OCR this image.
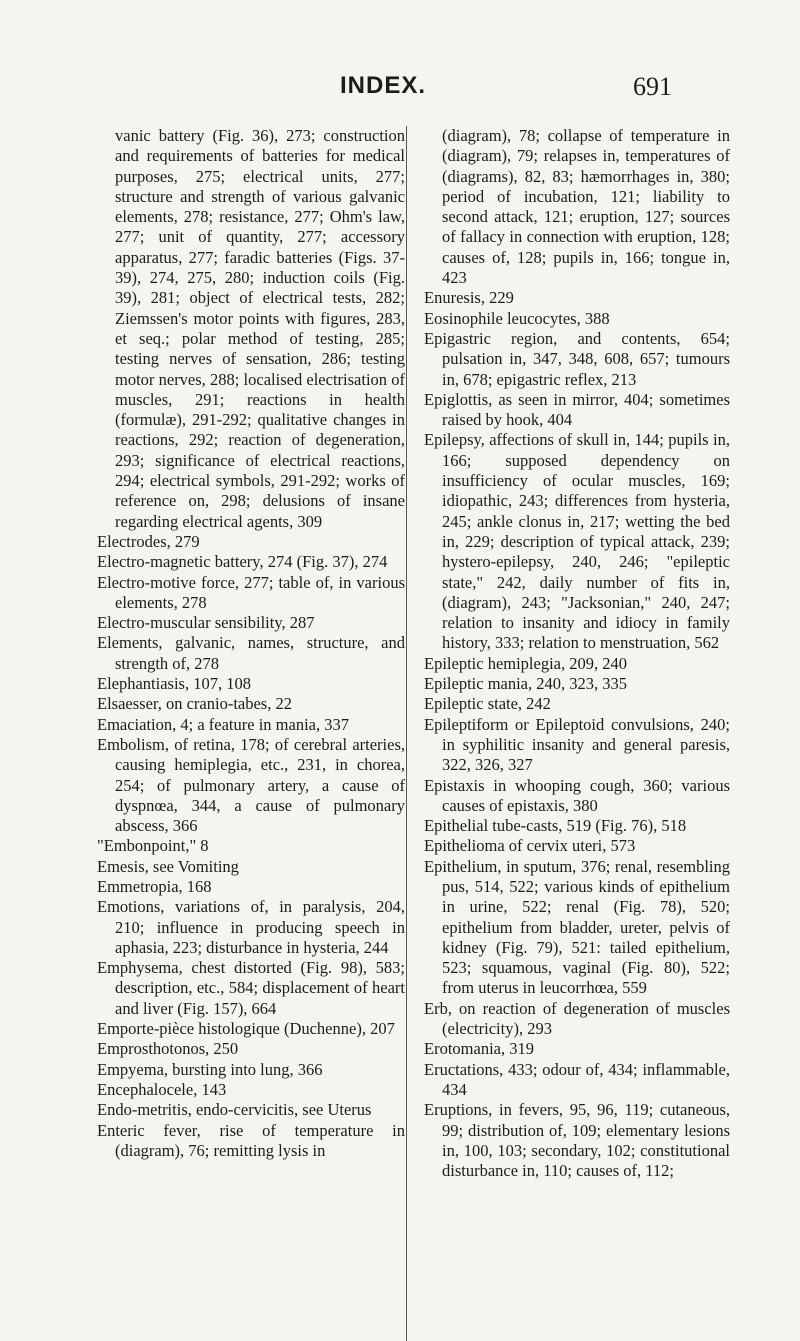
INDEX.	691

vanic battery (Fig. 36), 273; construction and requirements of batteries for medical purposes, 275; electrical units, 277; structure and strength of various galvanic elements, 278; resistance, 277; Ohm's law, 277; unit of quantity, 277; accessory apparatus, 277; faradic batteries (Figs. 37-39), 274, 275, 280; induction coils (Fig. 39), 281; object of electrical tests, 282; Ziemssen's motor points with figures, 283, et seq.; polar method of testing, 285; testing nerves of sensation, 286; testing motor nerves, 288; localised electrisation of muscles, 291; reactions in health (formulæ), 291-292; qualitative changes in reactions, 292; reaction of degeneration, 293; significance of electrical reactions, 294; electrical symbols, 291-292; works of reference on, 298; delusions of insane regarding electrical agents, 309

Electrodes, 279

Electro-magnetic battery, 274 (Fig. 37), 274

Electro-motive force, 277; table of, in various elements, 278

Electro-muscular sensibility, 287

Elements, galvanic, names, structure, and strength of, 278

Elephantiasis, 107, 108

Elsaesser, on cranio-tabes, 22

Emaciation, 4; a feature in mania, 337

Embolism, of retina, 178; of cerebral arteries, causing hemiplegia, etc., 231, in chorea, 254; of pulmonary artery, a cause of dyspnœa, 344, a cause of pulmonary abscess, 366

"Embonpoint," 8

Emesis, see Vomiting

Emmetropia, 168

Emotions, variations of, in paralysis, 204, 210; influence in producing speech in aphasia, 223; disturbance in hysteria, 244

Emphysema, chest distorted (Fig. 98), 583; description, etc., 584; displacement of heart and liver (Fig. 157), 664

Emporte-pièce histologique (Duchenne), 207

Emprosthotonos, 250

Empyema, bursting into lung, 366

Encephalocele, 143

Endo-metritis, endo-cervicitis, see Uterus

Enteric fever, rise of temperature in (diagram), 76; remitting lysis in

(diagram), 78; collapse of temperature in (diagram), 79; relapses in, temperatures of (diagrams), 82, 83; hæmorrhages in, 380; period of incubation, 121; liability to second attack, 121; eruption, 127; sources of fallacy in connection with eruption, 128; causes of, 128; pupils in, 166; tongue in, 423

Enuresis, 229

Eosinophile leucocytes, 388

Epigastric region, and contents, 654; pulsation in, 347, 348, 608, 657; tumours in, 678; epigastric reflex, 213

Epiglottis, as seen in mirror, 404; sometimes raised by hook, 404

Epilepsy, affections of skull in, 144; pupils in, 166; supposed dependency on insufficiency of ocular muscles, 169; idiopathic, 243; differences from hysteria, 245; ankle clonus in, 217; wetting the bed in, 229; description of typical attack, 239; hystero-epilepsy, 240, 246; "epileptic state," 242, daily number of fits in, (diagram), 243; "Jacksonian," 240, 247; relation to insanity and idiocy in family history, 333; relation to menstruation, 562

Epileptic hemiplegia, 209, 240

Epileptic mania, 240, 323, 335

Epileptic state, 242

Epileptiform or Epileptoid convulsions, 240; in syphilitic insanity and general paresis, 322, 326, 327

Epistaxis in whooping cough, 360; various causes of epistaxis, 380

Epithelial tube-casts, 519 (Fig. 76), 518

Epithelioma of cervix uteri, 573

Epithelium, in sputum, 376; renal, resembling pus, 514, 522; various kinds of epithelium in urine, 522; renal (Fig. 78), 520; epithelium from bladder, ureter, pelvis of kidney (Fig. 79), 521: tailed epithelium, 523; squamous, vaginal (Fig. 80), 522; from uterus in leucorrhœa, 559

Erb, on reaction of degeneration of muscles (electricity), 293

Erotomania, 319

Eructations, 433; odour of, 434; inflammable, 434

Eruptions, in fevers, 95, 96, 119; cutaneous, 99; distribution of, 109; elementary lesions in, 100, 103; secondary, 102; constitutional disturbance in, 110; causes of, 112;
